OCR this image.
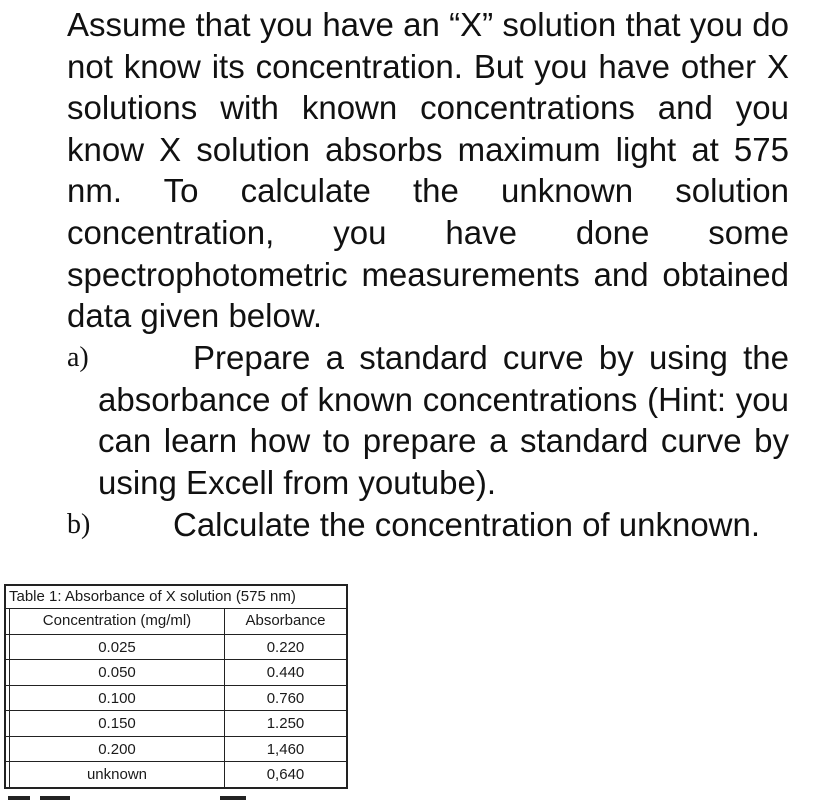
Assume that you have an “X” solution that you do not know its concentration. But you have other X solutions with known concentrations and you know X solution absorbs maximum light at 575 nm. To calculate the unknown solution concentration, you have done some spectrophotometric measurements and obtained data given below.

a)	Prepare a standard curve by using the absorbance of known concentrations (Hint: you can learn how to prepare a standard curve by using Excell from youtube).

b)	Calculate the concentration of unknown.

Table 1: Absorbance of X solution (575 nm)
Concentration (mg/ml)	Absorbance
0.025	0.220
0.050	0.440
0.100	0.760
0.150	1.250
0.200	1,460
unknown	0,640
